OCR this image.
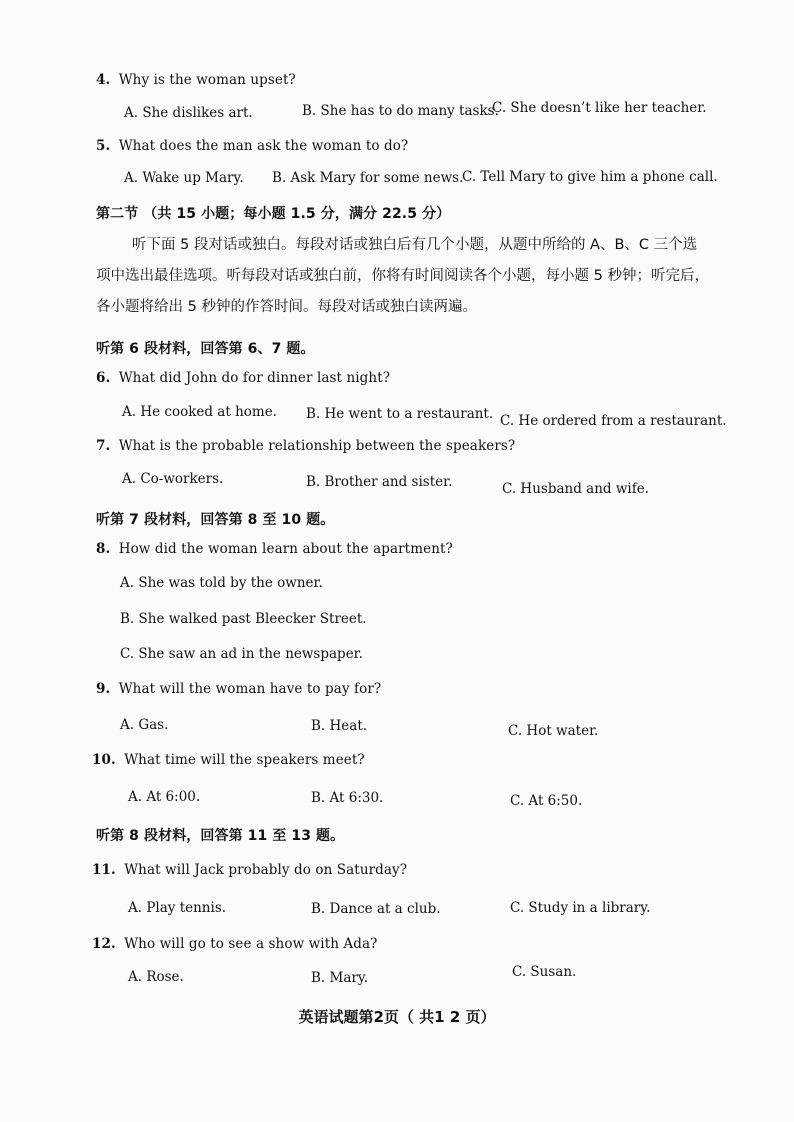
4. Why is the woman upset?
A. She dislikes art.	B. She has to do many tasks.
C. She doesn’t like her teacher.
5. What does the man ask the woman to do?
A. Wake up Mary. B. Ask Mary for some news.
C. Tell Mary to give him a phone call.
第二节 （共 15 小题；每小题 1.5 分，满分 22.5 分）
听下面 5 段对话或独白。每段对话或独白后有几个小题，从题中所给的 A、B、C 三个选项中选出最佳选项。听每段对话或独白前，你将有时间阅读各个小题，每小题 5 秒钟；听完后，各小题将给出 5 秒钟的作答时间。每段对话或独白读两遍。
听第 6 段材料，回答第 6、7 题。
6. What did John do for dinner last night?
A. He cooked at home. B. He went to a restaurant. C. He ordered from a restaurant.
7. What is the probable relationship between the speakers?
A. Co-workers.	B. Brother and sister.	C. Husband and wife.
听第 7 段材料，回答第 8 至 10 题。
8. How did the woman learn about the apartment?
A. She was told by the owner.
B. She walked past Bleecker Street.
C. She saw an ad in the newspaper.
9. What will the woman have to pay for?
A. Gas.	B. Heat.	C. Hot water.
10. What time will the speakers meet?
A. At 6:00.	B. At 6:30.	C. At 6:50.
听第 8 段材料，回答第 11 至 13 题。
11. What will Jack probably do on Saturday?
A. Play tennis.	B. Dance at a club.	C. Study in a library.
12. Who will go to see a show with Ada?
A. Rose.	B. Mary.	C. Susan.
英语试题第2页（ 共1 2 页）
